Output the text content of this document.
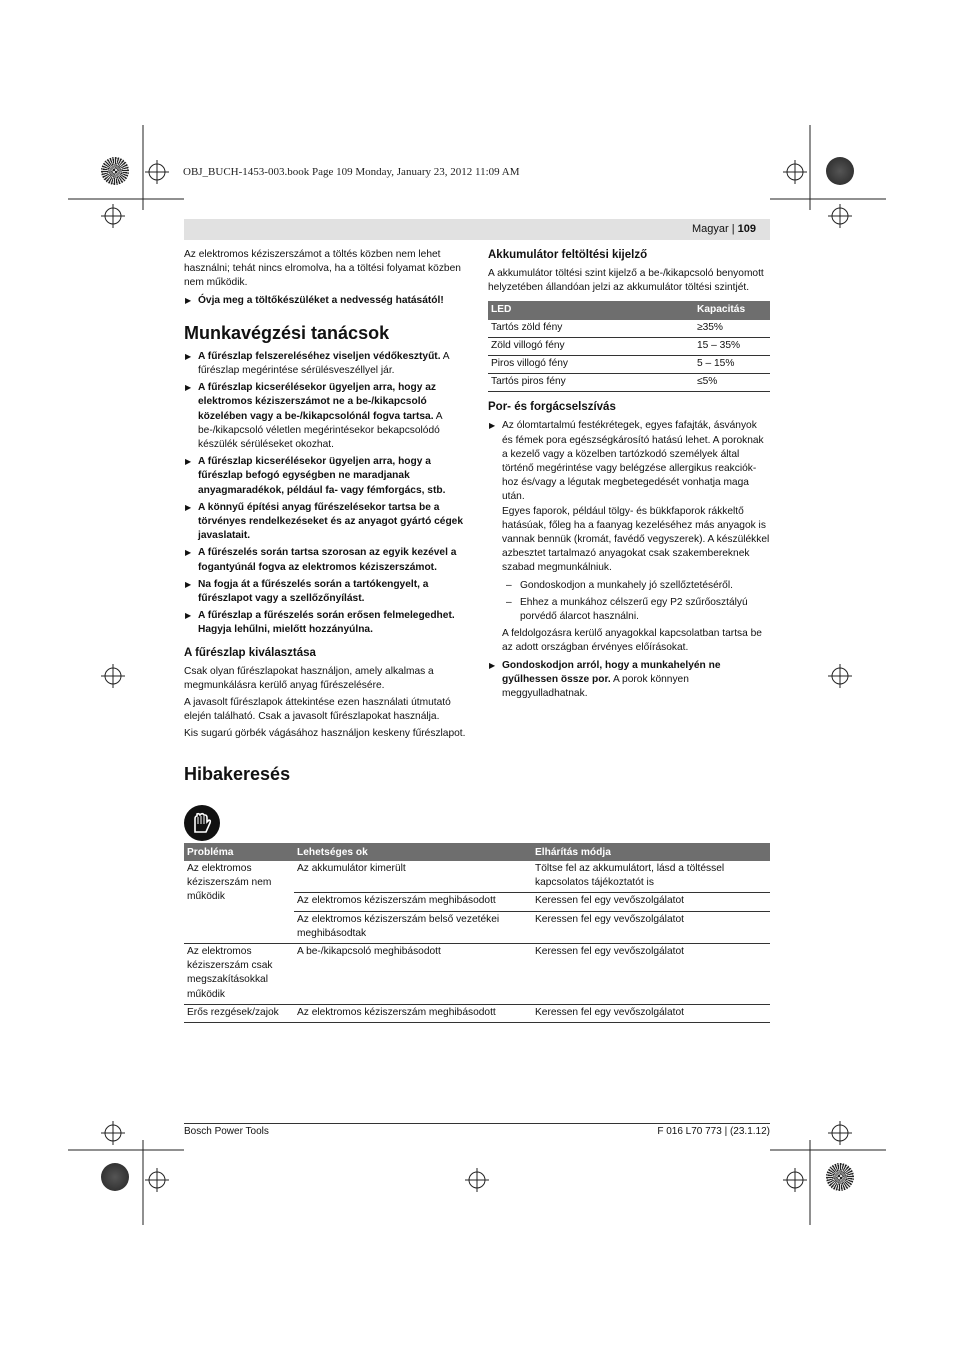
OBJ_BUCH-1453-003.book Page 109 Monday, January 23, 2012 11:09 AM
Magyar | 109

Az elektromos kéziszerszámot a töltés közben nem lehet használni; tehát nincs elromolva, ha a töltési folyamat közben nem működik.

▶ Óvja meg a töltőkészüléket a nedvesség hatásától!
Munkavégzési tanácsok
▶ A fűrészlap felszereléséhez viseljen védőkesztyűt. A fűrészlap megérintése sérülésveszéllyel jár.
▶ A fűrészlap kicserélésekor ügyeljen arra, hogy az elektromos kéziszerszámot ne a be-/kikapcsoló közelében vagy a be-/kikapcsolónál fogva tartsa. A be-/kikapcsoló véletlen megérintésekor bekapcsolódó készülék sérüléseket okozhat.
▶ A fűrészlap kicserélésekor ügyeljen arra, hogy a fűrészlap befogó egységben ne maradjanak anyagmaradékok, például fa- vagy fémforgács, stb.
▶ A könnyű építési anyag fűrészelésekor tartsa be a törvényes rendelkezéseket és az anyagot gyártó cégek javaslatait.
▶ A fűrészelés során tartsa szorosan az egyik kezével a fogantyúnál fogva az elektromos kéziszerszámot.
▶ Na fogja át a fűrészelés során a tartókengyelt, a fűrészlapot vagy a szellőzőnyílást.
▶ A fűrészlap a fűrészelés során erősen felmelegedhet. Hagyja lehűlni, mielőtt hozzányúlna.
A fűrészlap kiválasztása

Csak olyan fűrészlapokat használjon, amely alkalmas a megmunkálásra kerülő anyag fűrészelésére.

A javasolt fűrészlapok áttekintése ezen használati útmutató elején található. Csak a javasolt fűrészlapokat használja.

Kis sugarú görbék vágásához használjon keskeny fűrészlapot.

Akkumulátor feltöltési kijelző

A akkumulátor töltési szint kijelző a be-/kikapcsoló benyomott helyzetében állandóan jelzi az akkumulátor töltési szintjét.

LED	Kapacitás
Tartós zöld fény	≥35%
Zöld villogó fény	15 – 35%
Piros villogó fény	5 – 15%
Tartós piros fény	≤5%
Por- és forgácselszívás
▶ Az ólomtartalmú festékrétegek, egyes fafajták, ásványok és fémek pora egészségkárosító hatású lehet. A poroknak a kezelő vagy a közelben tartózkodó személyek által történő megérintése vagy belégzése allergikus reakciók-hoz és/vagy a légutak megbetegedését vonhatja maga után.

Egyes faporok, például tölgy- és bükkfaporok rákkeltő hatásúak, főleg ha a faanyag kezeléséhez más anyagok is vannak bennük (kromát, favédő vegyszerek). A készülékkel azbesztet tartalmazó anyagokat csak szakembereknek szabad megmunkálniuk.

– Gondoskodjon a munkahely jó szellőztetéséről.

– Ehhez a munkához célszerű egy P2 szűrőosztályú porvédő álarcot használni.

A feldolgozásra kerülő anyagokkal kapcsolatban tartsa be az adott országban érvényes előírásokat.

▶ Gondoskodjon arról, hogy a munkahelyén ne gyűlhessen össze por. A porok könnyen meggyulladhatnak.
Hibakeresés
Probléma	Lehetséges ok	Elhárítás módja
Az elektromos kéziszerszám nem működik	Az akkumulátor kimerült	Töltse fel az akkumulátort, lásd a töltéssel kapcsolatos tájékoztatót is
	Az elektromos kéziszerszám meghibásodott	Keressen fel egy vevőszolgálatot
	Az elektromos kéziszerszám belső vezetékei meghibásodtak	Keressen fel egy vevőszolgálatot
Az elektromos kéziszerszám csak megszakításokkal működik	A be-/kikapcsoló meghibásodott	Keressen fel egy vevőszolgálatot
Erős rezgések/zajok	Az elektromos kéziszerszám meghibásodott	Keressen fel egy vevőszolgálatot
Bosch Power Tools	F 016 L70 773 | (23.1.12)
